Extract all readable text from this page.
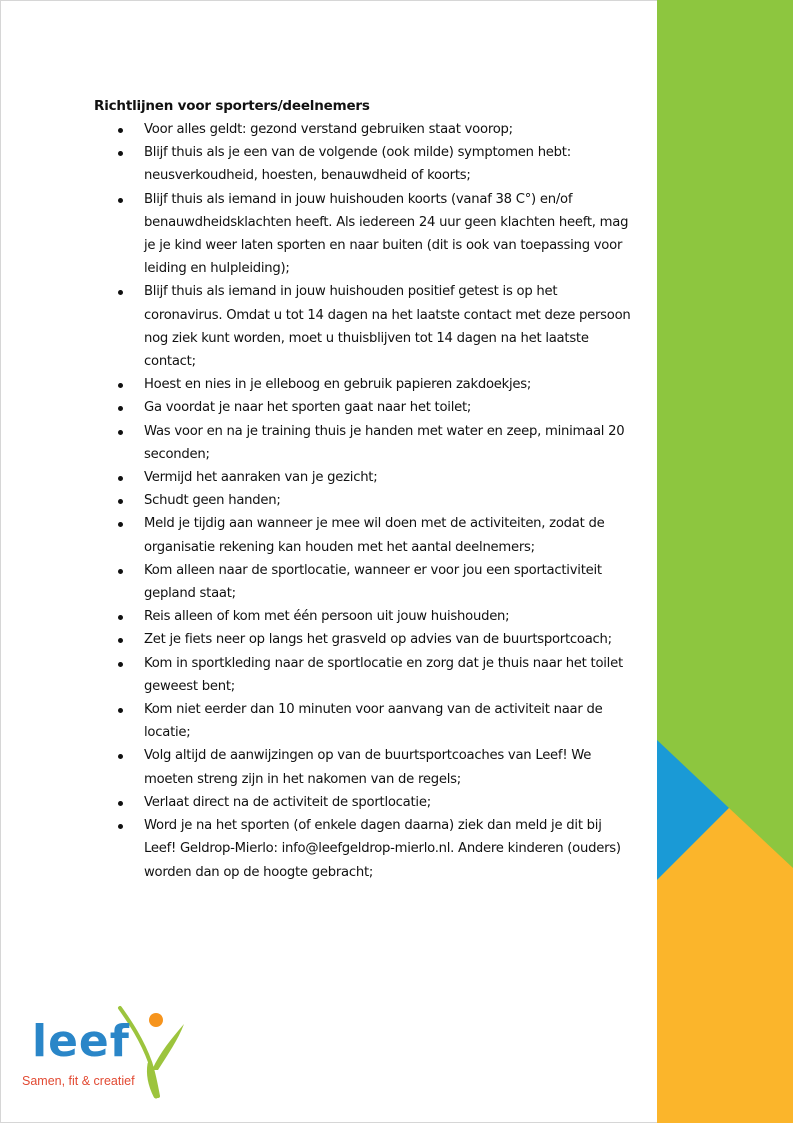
Richtlijnen voor sporters/deelnemers
Voor alles geldt: gezond verstand gebruiken staat voorop;
Blijf thuis als je een van de volgende (ook milde) symptomen hebt: neusverkoudheid, hoesten, benauwdheid of koorts;
Blijf thuis als iemand in jouw huishouden koorts (vanaf 38 C°) en/of benauwdheidsklachten heeft. Als iedereen 24 uur geen klachten heeft, mag je je kind weer laten sporten en naar buiten (dit is ook van toepassing voor leiding en hulpleiding);
Blijf thuis als iemand in jouw huishouden positief getest is op het coronavirus. Omdat u tot 14 dagen na het laatste contact met deze persoon nog ziek kunt worden, moet u thuisblijven tot 14 dagen na het laatste contact;
Hoest en nies in je elleboog en gebruik papieren zakdoekjes;
Ga voordat je naar het sporten gaat naar het toilet;
Was voor en na je training thuis je handen met water en zeep, minimaal 20 seconden;
Vermijd het aanraken van je gezicht;
Schudt geen handen;
Meld je tijdig aan wanneer je mee wil doen met de activiteiten, zodat de organisatie rekening kan houden met het aantal deelnemers;
Kom alleen naar de sportlocatie, wanneer er voor jou een sportactiviteit gepland staat;
Reis alleen of kom met één persoon uit jouw huishouden;
Zet je fiets neer op langs het grasveld op advies van de buurtsportcoach;
Kom in sportkleding naar de sportlocatie en zorg dat je thuis naar het toilet geweest bent;
Kom niet eerder dan 10 minuten voor aanvang van de activiteit naar de locatie;
Volg altijd de aanwijzingen op van de buurtsportcoaches van Leef! We moeten streng zijn in het nakomen van de regels;
Verlaat direct na de activiteit de sportlocatie;
Word je na het sporten (of enkele dagen daarna) ziek dan meld je dit bij Leef! Geldrop-Mierlo: info@leefgeldrop-mierlo.nl. Andere kinderen (ouders) worden dan op de hoogte gebracht;
leef
Samen, fit & creatief
